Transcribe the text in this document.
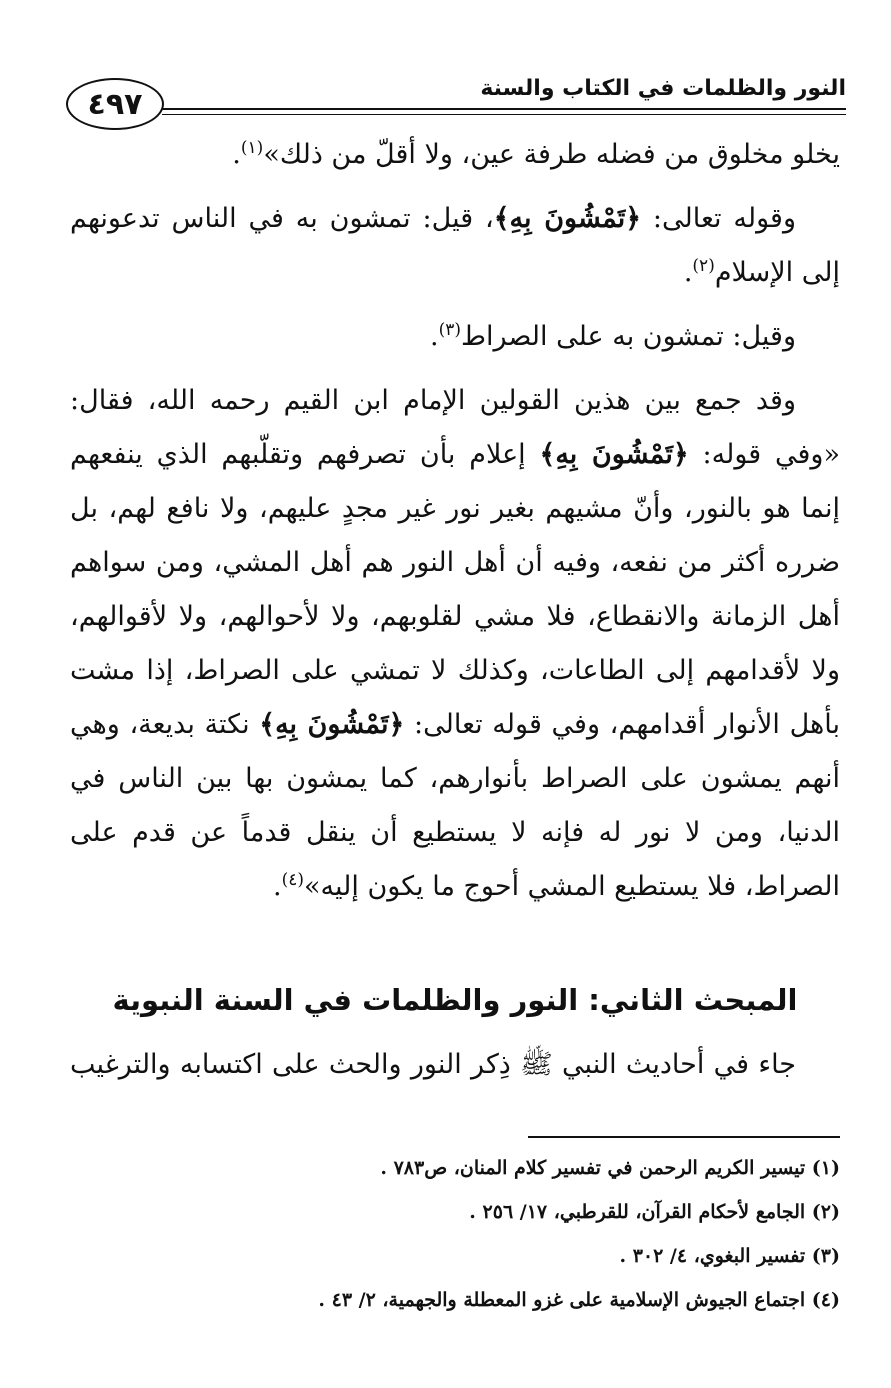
٤٩٧	النور والظلمات في الكتاب والسنة

يخلو مخلوق من فضله طرفة عين، ولا أقلّ من ذلك»$^{(١)}$.

وقوله تعالى: ﴿تَمْشُونَ بِهِ﴾، قيل: تمشون به في الناس تدعونهم إلى الإسلام$^{(٢)}$.

وقيل: تمشون به على الصراط$^{(٣)}$.

وقد جمع بين هذين القولين الإمام ابن القيم رحمه الله، فقال: «وفي قوله: ﴿تَمْشُونَ بِهِ﴾ إعلام بأن تصرفهم وتقلّبهم الذي ينفعهم إنما هو بالنور، وأنّ مشيهم بغير نور غير مجدٍ عليهم، ولا نافع لهم، بل ضرره أكثر من نفعه، وفيه أن أهل النور هم أهل المشي، ومن سواهم أهل الزمانة والانقطاع، فلا مشي لقلوبهم، ولا لأحوالهم، ولا لأقوالهم، ولا لأقدامهم إلى الطاعات، وكذلك لا تمشي على الصراط، إذا مشت بأهل الأنوار أقدامهم، وفي قوله تعالى: ﴿تَمْشُونَ بِهِ﴾ نكتة بديعة، وهي أنهم يمشون على الصراط بأنوارهم، كما يمشون بها بين الناس في الدنيا، ومن لا نور له فإنه لا يستطيع أن ينقل قدماً عن قدم على الصراط، فلا يستطيع المشي أحوج ما يكون إليه»$^{(٤)}$.

المبحث الثاني: النور والظلمات في السنة النبوية
جاء في أحاديث النبي ﷺ ذِكر النور والحث على اكتسابه والترغيب

(١) تيسير الكريم الرحمن في تفسير كلام المنان، ص٧٨٣ .

(٢) الجامع لأحكام القرآن، للقرطبي، ١٧/ ٢٥٦ .

(٣) تفسير البغوي، ٤/ ٣٠٢ .

(٤) اجتماع الجيوش الإسلامية على غزو المعطلة والجهمية، ٢/ ٤٣ .
